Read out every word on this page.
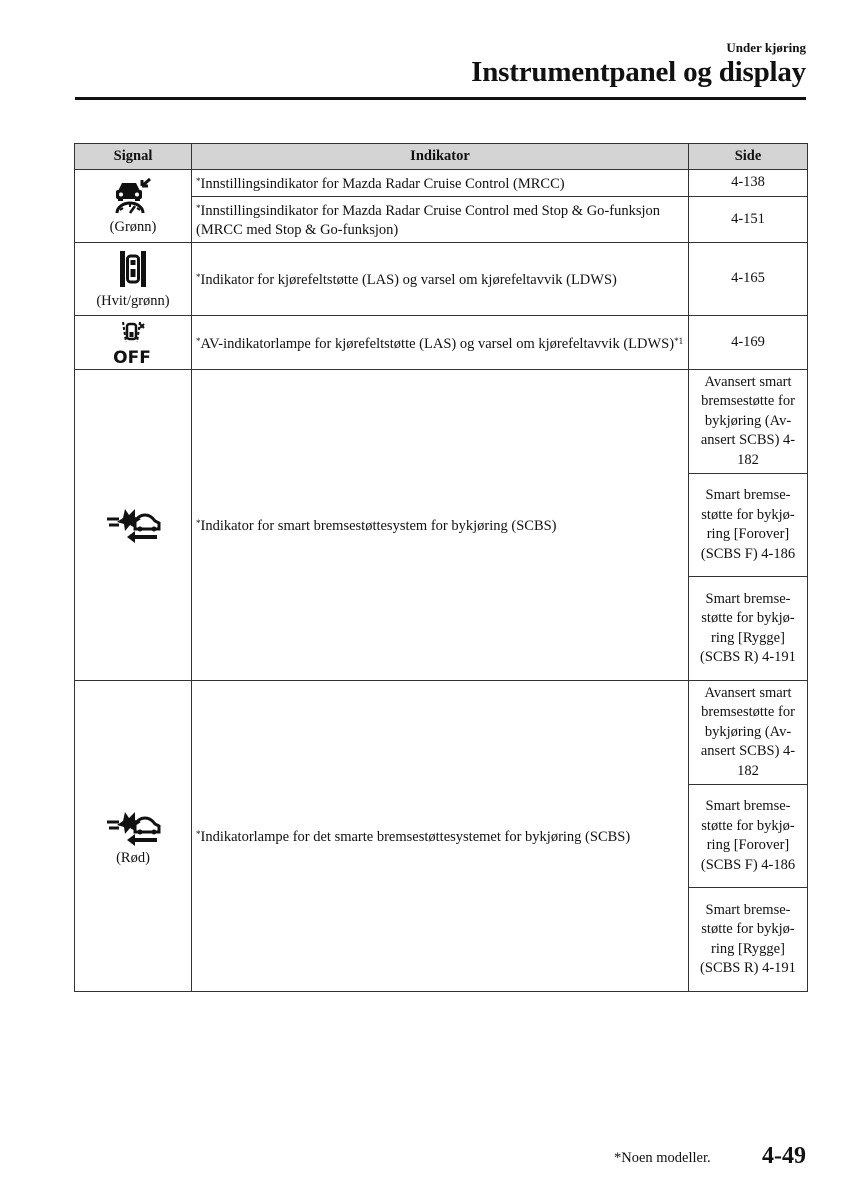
Under kjøring
Instrumentpanel og display
Signal	Indikator	Side

(Grønn)	*Innstillingsindikator for Mazda Radar Cruise Control (MRCC)	4-138
	*Innstillingsindikator for Mazda Radar Cruise Control med Stop & Go-funksjon (MRCC med Stop & Go-funksjon)	4-151

(Hvit/grønn)	*Indikator for kjørefeltstøtte (LAS) og varsel om kjørefeltavvik (LDWS)	4-165

OFF	*AV-indikatorlampe for kjørefeltstøtte (LAS) og varsel om kjørefeltavvik (LDWS)$^{*1}$	4-169

	*Indikator for smart bremsestøttesystem for bykjøring (SCBS)	Avansert smart bremsestøtte for bykjøring (Av-ansert SCBS) 4-182
Smart bremse-støtte for bykjø-ring [Forover] (SCBS F) 4-186
Smart bremse-støtte for bykjø-ring [Rygge] (SCBS R) 4-191

(Rød)	*Indikatorlampe for det smarte bremsestøttesystemet for bykjøring (SCBS)	Avansert smart bremsestøtte for bykjøring (Av-ansert SCBS) 4-182
Smart bremse-støtte for bykjø-ring [Forover] (SCBS F) 4-186
Smart bremse-støtte for bykjø-ring [Rygge] (SCBS R) 4-191
*Noen modeller. 4-49
